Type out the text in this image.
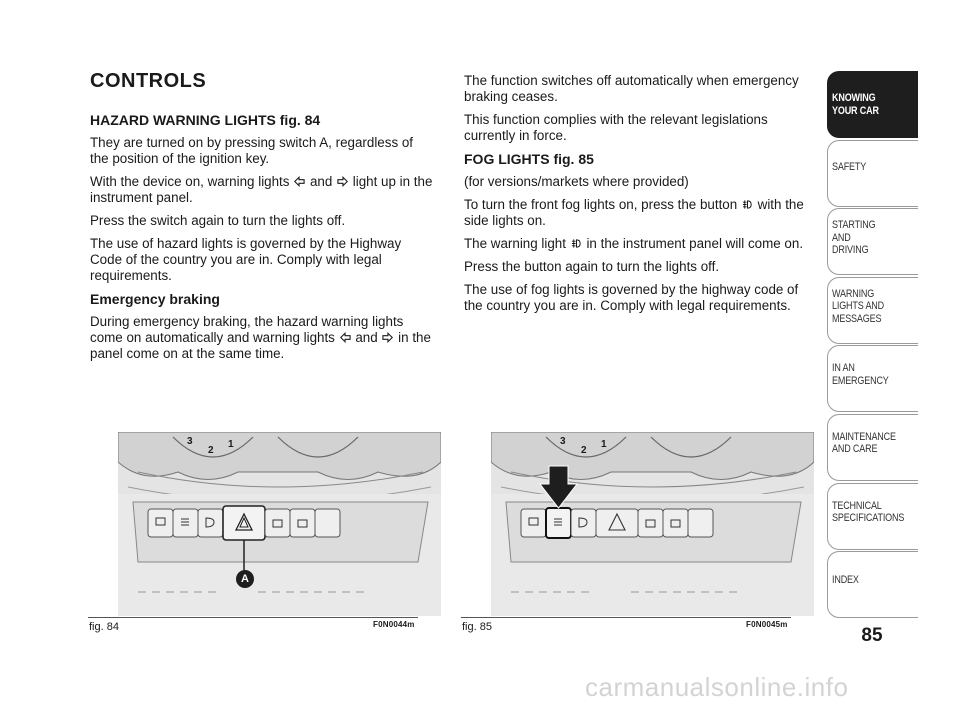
CONTROLS

HAZARD WARNING LIGHTS fig. 84

They are turned on by pressing switch A, regardless of the position of the ignition key.

With the device on, warning lights and light up in the instrument panel.

Press the switch again to turn the lights off.

The use of hazard lights is governed by the Highway Code of the country you are in. Comply with legal requirements.

Emergency braking

During emergency braking, the hazard warning lights come on automatically and warning lights and in the panel come on at the same time.

The function switches off automatically when emergency braking ceases.

This function complies with the relevant legislations currently in force.

FOG LIGHTS fig. 85

(for versions/markets where provided)

To turn the front fog lights on, press the button with the side lights on.

The warning light in the instrument panel will come on.

Press the button again to turn the lights off.

The use of fog lights is governed by the highway code of the country you are in. Comply with legal requirements.

3
2
1
A
fig. 84	F0N0044m
3
2
1
fig. 85	F0N0045m
KNOWING
YOUR CAR
SAFETY
STARTING
AND
DRIVING
WARNING
LIGHTS AND
MESSAGES
IN AN
EMERGENCY
MAINTENANCE
AND CARE
TECHNICAL
SPECIFICATIONS
INDEX
85
carmanualsonline.info
